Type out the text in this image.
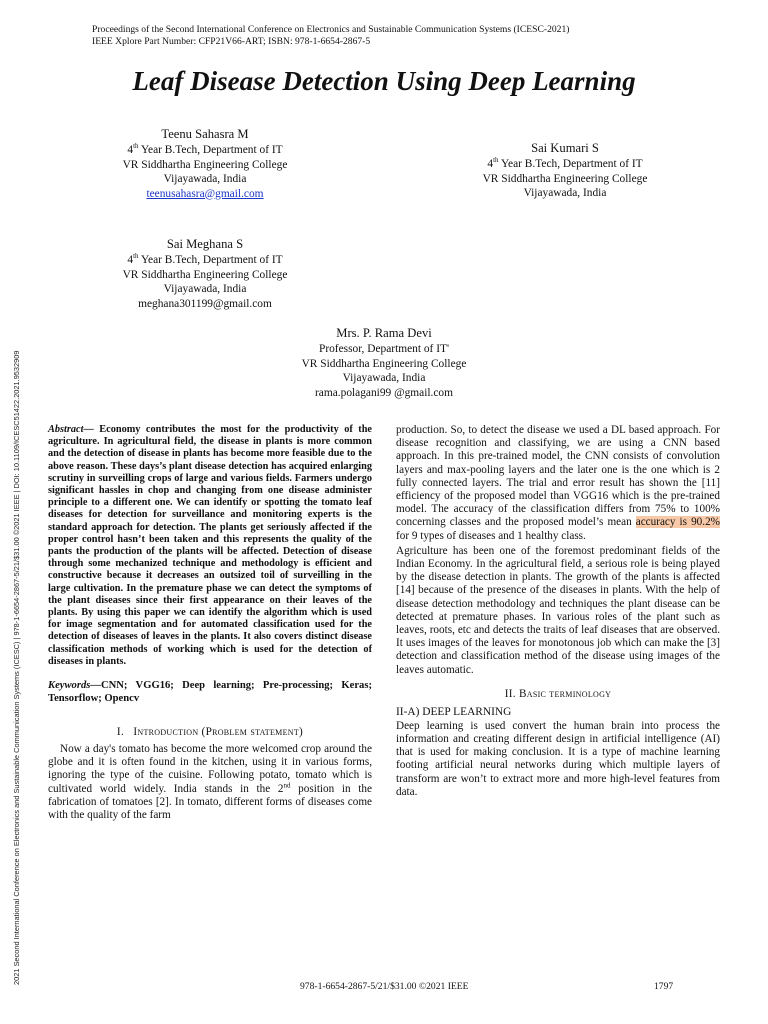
Proceedings of the Second International Conference on Electronics and Sustainable Communication Systems (ICESC-2021)
IEEE Xplore Part Number: CFP21V66-ART; ISBN: 978-1-6654-2867-5
Leaf Disease Detection Using Deep Learning
2021 Second International Conference on Electronics and Sustainable Communication Systems (ICESC) | 978-1-6654-2867-5/21/$31.00 ©2021 IEEE | DOI: 10.1109/ICESC51422.2021.9532909
Teenu Sahasra M
4th Year B.Tech, Department of IT
VR Siddhartha Engineering College
Vijayawada, India
teenusahasra@gmail.com
Sai Kumari S
4th Year B.Tech, Department of IT
VR Siddhartha Engineering College
Vijayawada, India
Sai Meghana S
4th Year B.Tech, Department of IT
VR Siddhartha Engineering College
Vijayawada, India
meghana301199@gmail.com
Mrs. P. Rama Devi
Professor, Department of IT'
VR Siddhartha Engineering College
Vijayawada, India
rama.polagani99 @gmail.com

Abstract— Economy contributes the most for the productivity of the agriculture. In agricultural field, the disease in plants is more common and the detection of disease in plants has become more feasible due to the above reason. These days’s plant disease detection has acquired enlarging scrutiny in surveilling crops of large and various fields. Farmers undergo significant hassles in chop and changing from one disease administer principle to a different one. We can identify or spotting the tomato leaf diseases for detection for surveillance and monitoring experts is the standard approach for detection. The plants get seriously affected if the proper control hasn’t been taken and this represents the quality of the pants the production of the plants will be affected. Detection of disease through some mechanized technique and methodology is efficient and constructive because it decreases an outsized toil of surveilling in the large cultivation. In the premature phase we can detect the symptoms of the plant diseases since their first appearance on their leaves of the plants. By using this paper we can identify the algorithm which is used for image segmentation and for automated classification used for the detection of diseases of leaves in the plants. It also covers distinct disease classification methods of working which is used for the detection of diseases in plants.

Keywords—CNN; VGG16; Deep learning; Pre-processing; Keras; Tensorflow; Opencv

I. Introduction (Problem statement)

Now a day's tomato has become the more welcomed crop around the globe and it is often found in the kitchen, using it in various forms, ignoring the type of the cuisine. Following potato, tomato which is cultivated world widely. India stands in the 2nd position in the fabrication of tomatoes [2]. In tomato, different forms of diseases come with the quality of the farm

production. So, to detect the disease we used a DL based approach. For disease recognition and classifying, we are using a CNN based approach. In this pre-trained model, the CNN consists of convolution layers and max-pooling layers and the later one is the one which is 2 fully connected layers. The trial and error result has shown the [11] efficiency of the proposed model than VGG16 which is the pre-trained model. The accuracy of the classification differs from 75% to 100% concerning classes and the proposed model’s mean accuracy is 90.2% for 9 types of diseases and 1 healthy class.

Agriculture has been one of the foremost predominant fields of the Indian Economy. In the agricultural field, a serious role is being played by the disease detection in plants. The growth of the plants is affected [14] because of the presence of the diseases in plants. With the help of disease detection methodology and techniques the plant disease can be detected at premature phases. In various roles of the plant such as leaves, roots, etc and detects the traits of leaf diseases that are observed. It uses images of the leaves for monotonous job which can make the [3] detection and classification method of the disease using images of the leaves automatic.

II. Basic terminology

II-A) DEEP LEARNING

Deep learning is used convert the human brain into process the information and creating different design in artificial intelligence (AI) that is used for making conclusion. It is a type of machine learning footing artificial neural networks during which multiple layers of transform are won’t to extract more and more high-level features from data.

978-1-6654-2867-5/21/$31.00 ©2021 IEEE	1797
